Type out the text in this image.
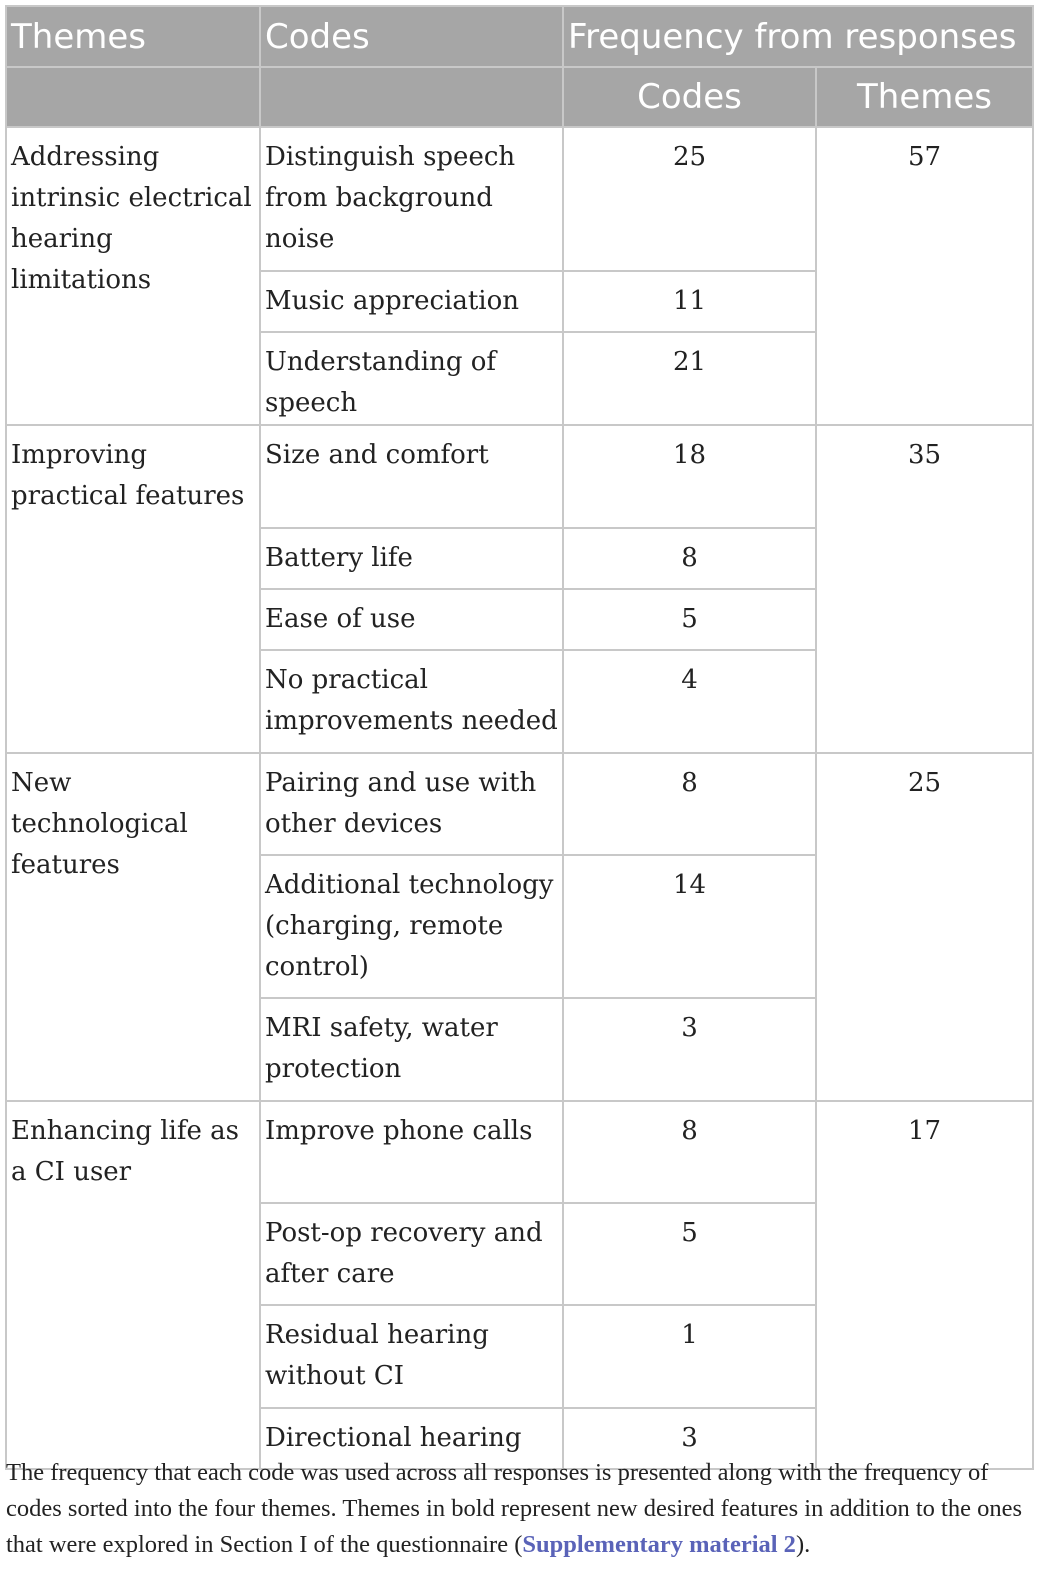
Themes	Codes	Frequency from responses	
		Codes	Themes
Addressing intrinsic electrical hearing limitations	Distinguish speech from background noise	25	57
	Music appreciation	11	
	Understanding of speech	21	
Improving practical features	Size and comfort	18	35
	Battery life	8	
	Ease of use	5	
	No practical improvements needed	4	
New technological features	Pairing and use with other devices	8	25
	Additional technology (charging, remote control)	14	
	MRI safety, water protection	3	
Enhancing life as a CI user	Improve phone calls	8	17
	Post-op recovery and after care	5	
	Residual hearing without CI	1	
	Directional hearing	3	
The frequency that each code was used across all responses is presented along with the frequency of codes sorted into the four themes. Themes in bold represent new desired features in addition to the ones that were explored in Section I of the questionnaire (Supplementary material 2).
